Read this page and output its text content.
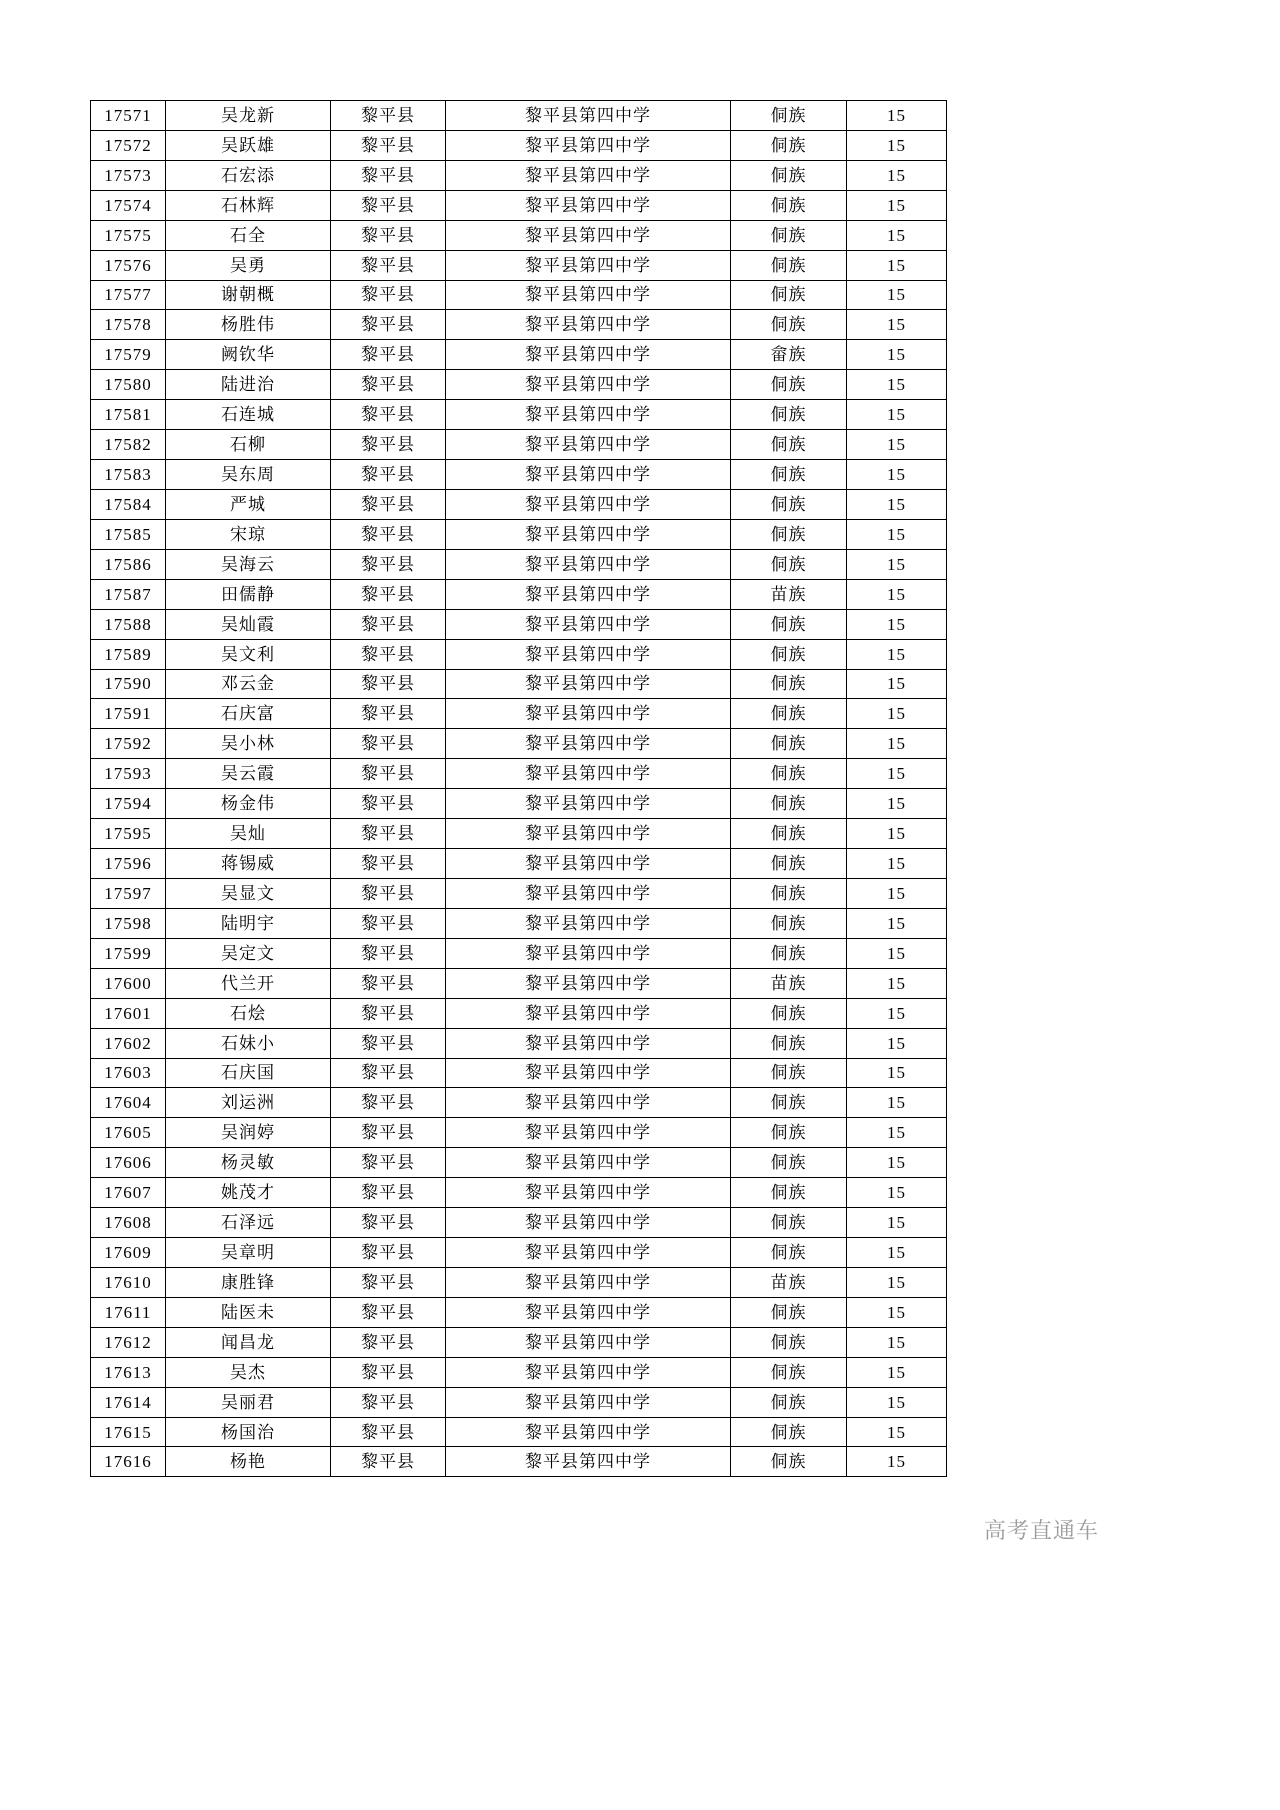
17571	吴龙新	黎平县	黎平县第四中学	侗族	15
17572	吴跃雄	黎平县	黎平县第四中学	侗族	15
17573	石宏添	黎平县	黎平县第四中学	侗族	15
17574	石林辉	黎平县	黎平县第四中学	侗族	15
17575	石全	黎平县	黎平县第四中学	侗族	15
17576	吴勇	黎平县	黎平县第四中学	侗族	15
17577	谢朝概	黎平县	黎平县第四中学	侗族	15
17578	杨胜伟	黎平县	黎平县第四中学	侗族	15
17579	阙钦华	黎平县	黎平县第四中学	畲族	15
17580	陆进治	黎平县	黎平县第四中学	侗族	15
17581	石连城	黎平县	黎平县第四中学	侗族	15
17582	石柳	黎平县	黎平县第四中学	侗族	15
17583	吴东周	黎平县	黎平县第四中学	侗族	15
17584	严城	黎平县	黎平县第四中学	侗族	15
17585	宋琼	黎平县	黎平县第四中学	侗族	15
17586	吴海云	黎平县	黎平县第四中学	侗族	15
17587	田儒静	黎平县	黎平县第四中学	苗族	15
17588	吴灿霞	黎平县	黎平县第四中学	侗族	15
17589	吴文利	黎平县	黎平县第四中学	侗族	15
17590	邓云金	黎平县	黎平县第四中学	侗族	15
17591	石庆富	黎平县	黎平县第四中学	侗族	15
17592	吴小林	黎平县	黎平县第四中学	侗族	15
17593	吴云霞	黎平县	黎平县第四中学	侗族	15
17594	杨金伟	黎平县	黎平县第四中学	侗族	15
17595	吴灿	黎平县	黎平县第四中学	侗族	15
17596	蒋锡威	黎平县	黎平县第四中学	侗族	15
17597	吴显文	黎平县	黎平县第四中学	侗族	15
17598	陆明宇	黎平县	黎平县第四中学	侗族	15
17599	吴定文	黎平县	黎平县第四中学	侗族	15
17600	代兰开	黎平县	黎平县第四中学	苗族	15
17601	石烩	黎平县	黎平县第四中学	侗族	15
17602	石妹小	黎平县	黎平县第四中学	侗族	15
17603	石庆国	黎平县	黎平县第四中学	侗族	15
17604	刘运洲	黎平县	黎平县第四中学	侗族	15
17605	吴润婷	黎平县	黎平县第四中学	侗族	15
17606	杨灵敏	黎平县	黎平县第四中学	侗族	15
17607	姚茂才	黎平县	黎平县第四中学	侗族	15
17608	石泽远	黎平县	黎平县第四中学	侗族	15
17609	吴章明	黎平县	黎平县第四中学	侗族	15
17610	康胜锋	黎平县	黎平县第四中学	苗族	15
17611	陆医未	黎平县	黎平县第四中学	侗族	15
17612	闻昌龙	黎平县	黎平县第四中学	侗族	15
17613	吴杰	黎平县	黎平县第四中学	侗族	15
17614	吴丽君	黎平县	黎平县第四中学	侗族	15
17615	杨国治	黎平县	黎平县第四中学	侗族	15
17616	杨艳	黎平县	黎平县第四中学	侗族	15
高考直通车
